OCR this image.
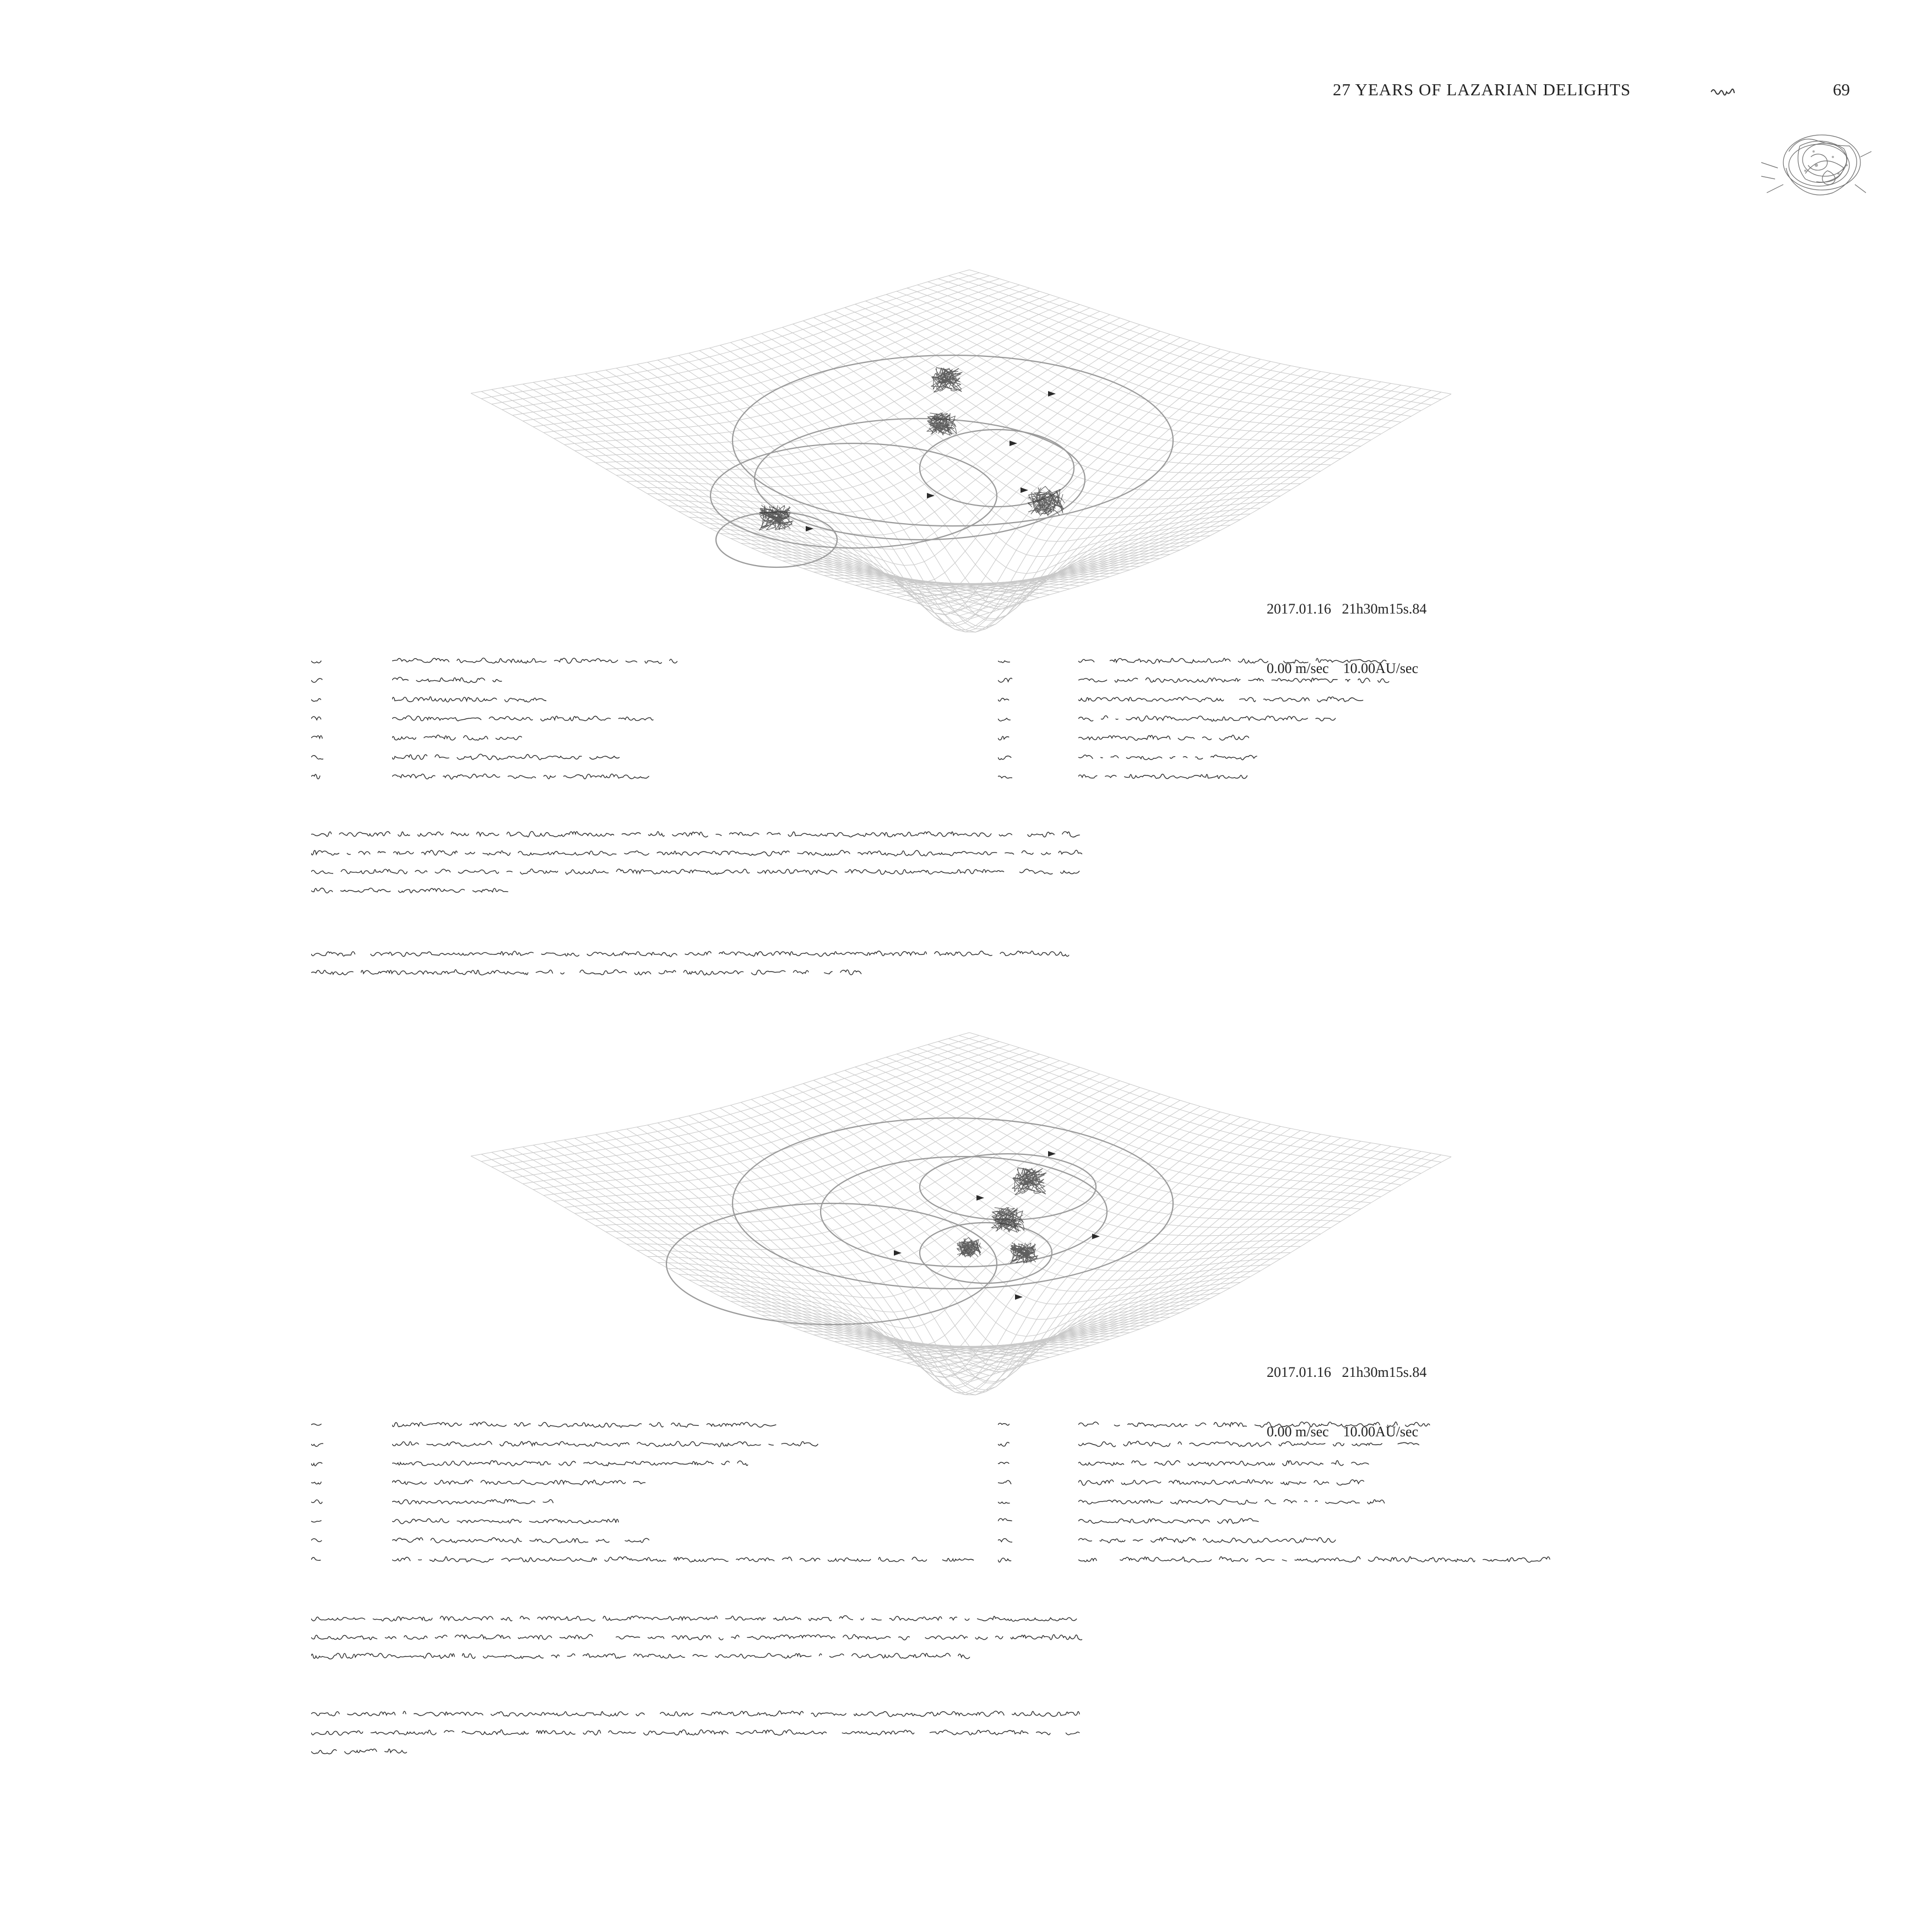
27 YEARS OF LAZARIAN DELIGHTS	69

2017.01.16   21h30m15s.84

0.00 m/sec    10.00AU/sec

2017.01.16   21h30m15s.84

0.00 m/sec    10.00AU/sec
